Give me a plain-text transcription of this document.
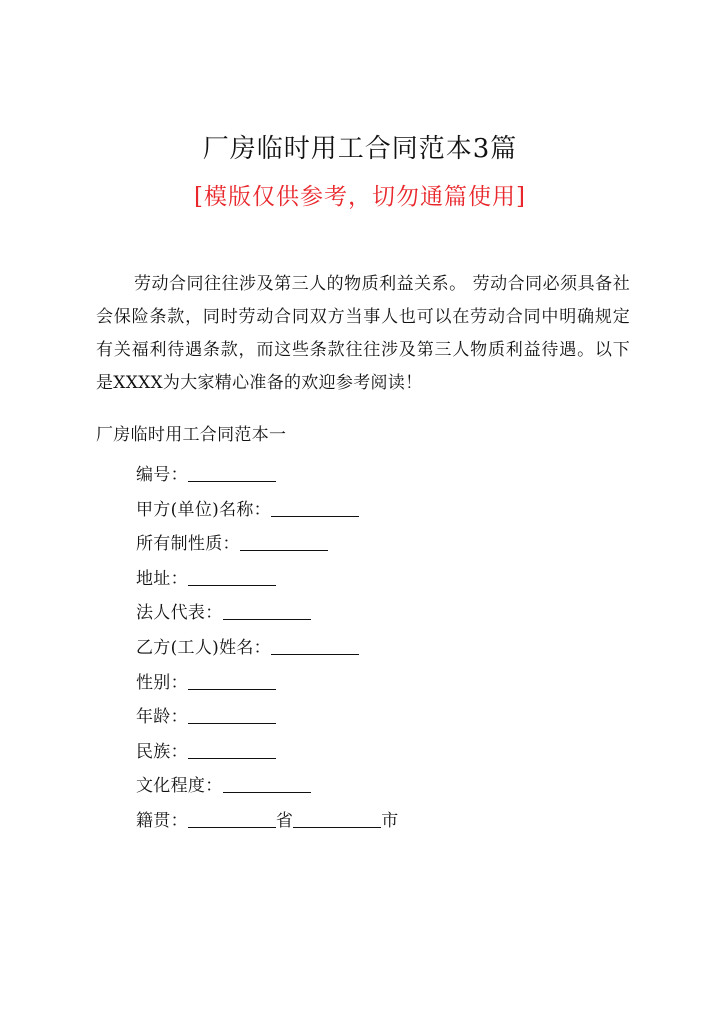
厂房临时用工合同范本3篇
[模版仅供参考，切勿通篇使用]

劳动合同往往涉及第三人的物质利益关系。 劳动合同必须具备社会保险条款，同时劳动合同双方当事人也可以在劳动合同中明确规定有关福利待遇条款，而这些条款往往涉及第三人物质利益待遇。以下是XXXX为大家精心准备的欢迎参考阅读！

厂房临时用工合同范本一
编号：
甲方(单位)名称：
所有制性质：
地址：
法人代表：
乙方(工人)姓名：
性别：
年龄：
民族：
文化程度：
籍贯：	省	市
